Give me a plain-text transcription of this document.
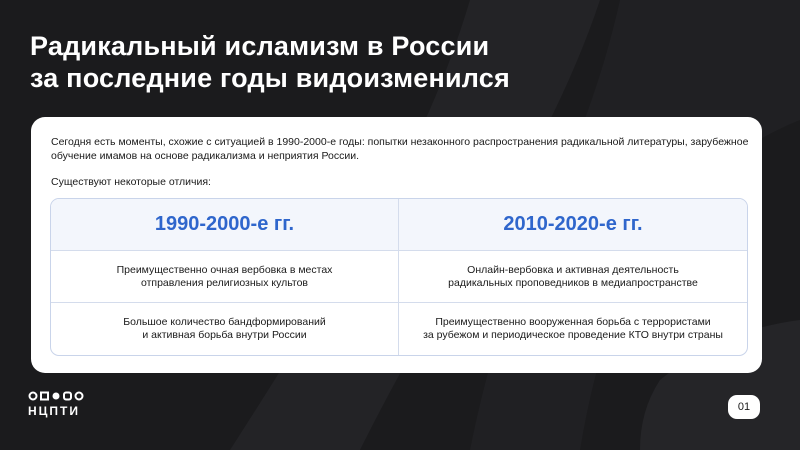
Радикальный исламизм в России
за последние годы видоизменился

Сегодня есть моменты, схожие с ситуацией в 1990-2000-е годы: попытки незаконного распространения радикальной литературы, зарубежное обучение имамов на основе радикализма и неприятия России.

Существуют некоторые отличия:

1990-2000-е гг.	2010-2020-е гг.
Преимущественно очная вербовка в местах
отправления религиозных культов
Онлайн-вербовка и активная деятельность
радикальных проповедников в медиапространстве
Большое количество бандформирований
и активная борьба внутри России
Преимущественно вооруженная борьба с террористами
за рубежом и периодическое проведение КТО внутри страны
НЦПТИ	01
